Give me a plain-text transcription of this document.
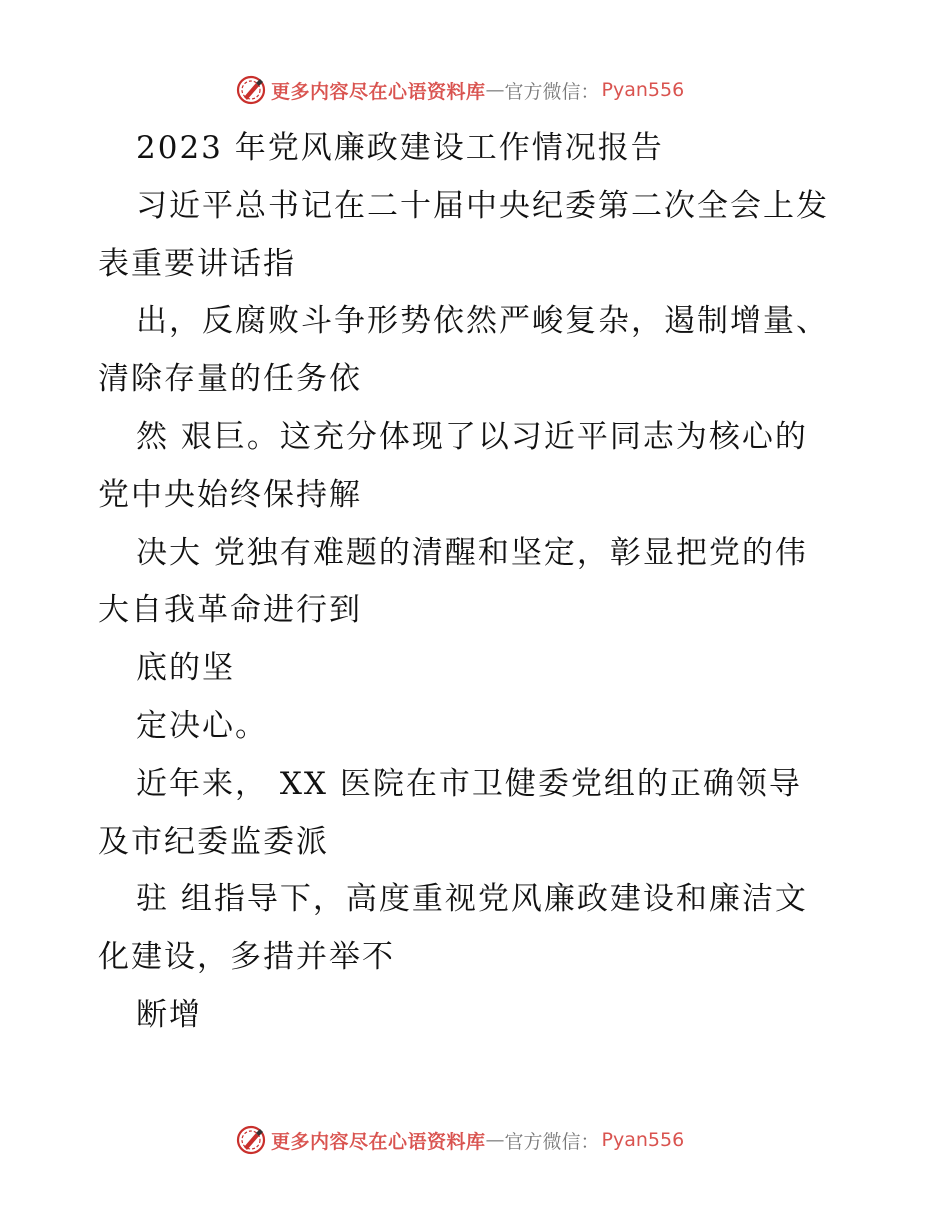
更多内容尽在心语资料库 — 官方微信： Pyan556
2023 年党风廉政建设工作情况报告
习近平总书记在二十届中央纪委第二次全会上发
表重要讲话指
出，反腐败斗争形势依然严峻复杂，遏制增量、
清除存量的任务依
然 艰巨。这充分体现了以习近平同志为核心的
党中央始终保持解
决大 党独有难题的清醒和坚定，彰显把党的伟
大自我革命进行到
底的坚
定决心。
近年来， XX 医院在市卫健委党组的正确领导
及市纪委监委派
驻 组指导下，高度重视党风廉政建设和廉洁文
化建设，多措并举不
断增
更多内容尽在心语资料库 — 官方微信： Pyan556
